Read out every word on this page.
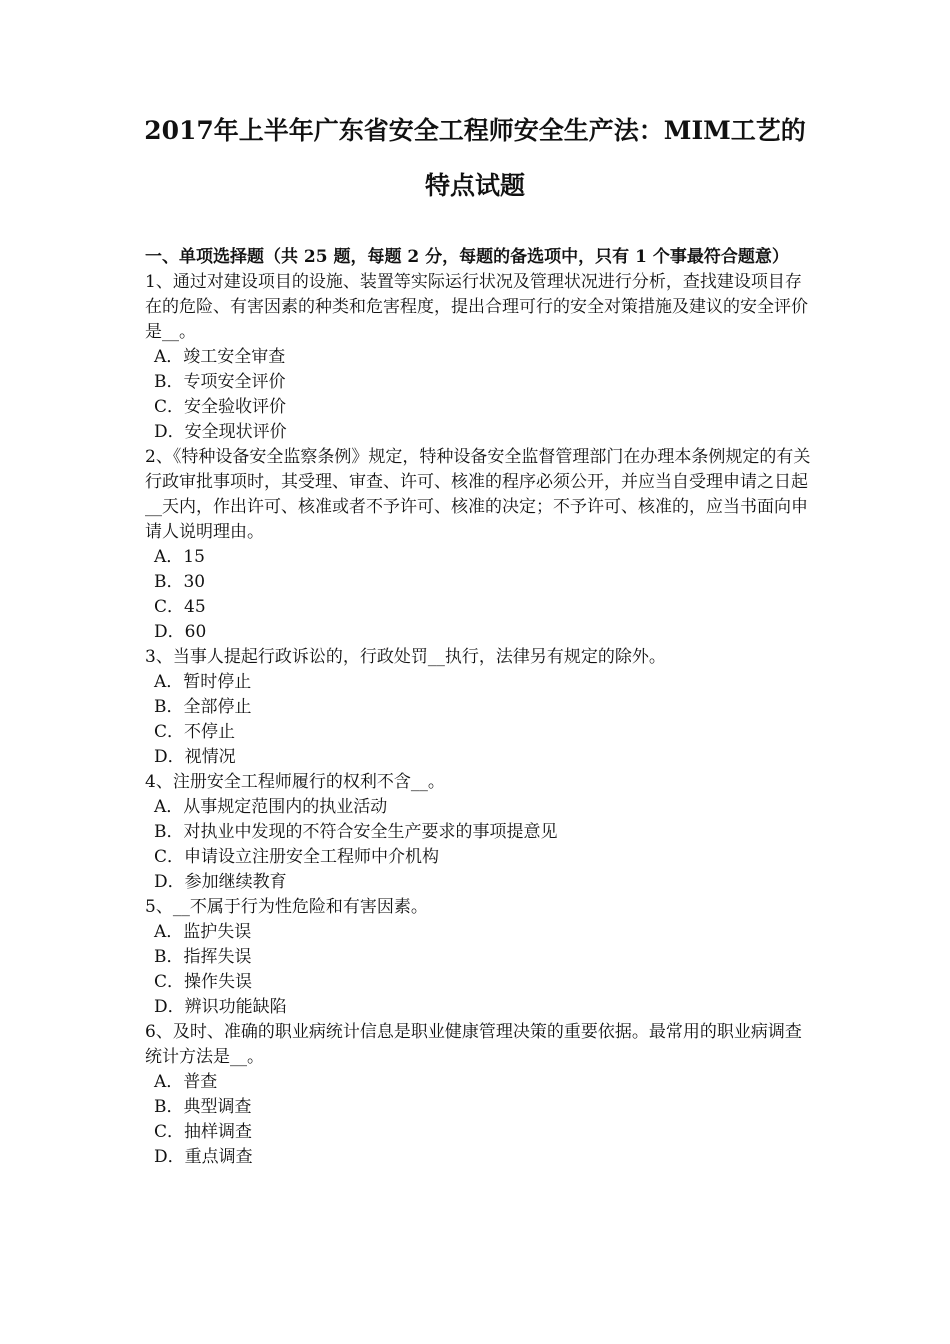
2017年上半年广东省安全工程师安全生产法：MIM工艺的
特点试题

一、单项选择题（共 25 题，每题 2 分，每题的备选项中，只有 1 个事最符合题意）

1、通过对建设项目的设施、装置等实际运行状况及管理状况进行分析，查找建设项目存在的危险、有害因素的种类和危害程度，提出合理可行的安全对策措施及建议的安全评价是__。

A．竣工安全审查

B．专项安全评价

C．安全验收评价

D．安全现状评价

2、《特种设备安全监察条例》规定，特种设备安全监督管理部门在办理本条例规定的有关行政审批事项时，其受理、审查、许可、核准的程序必须公开，并应当自受理申请之日起__天内，作出许可、核准或者不予许可、核准的决定；不予许可、核准的，应当书面向申请人说明理由。

A．15

B．30

C．45

D．60

3、当事人提起行政诉讼的，行政处罚__执行，法律另有规定的除外。

A．暂时停止

B．全部停止

C．不停止

D．视情况

4、注册安全工程师履行的权利不含__。

A．从事规定范围内的执业活动

B．对执业中发现的不符合安全生产要求的事项提意见

C．申请设立注册安全工程师中介机构

D．参加继续教育

5、__不属于行为性危险和有害因素。

A．监护失误

B．指挥失误

C．操作失误

D．辨识功能缺陷

6、及时、准确的职业病统计信息是职业健康管理决策的重要依据。最常用的职业病调查统计方法是__。

A．普查

B．典型调查

C．抽样调查

D．重点调查
